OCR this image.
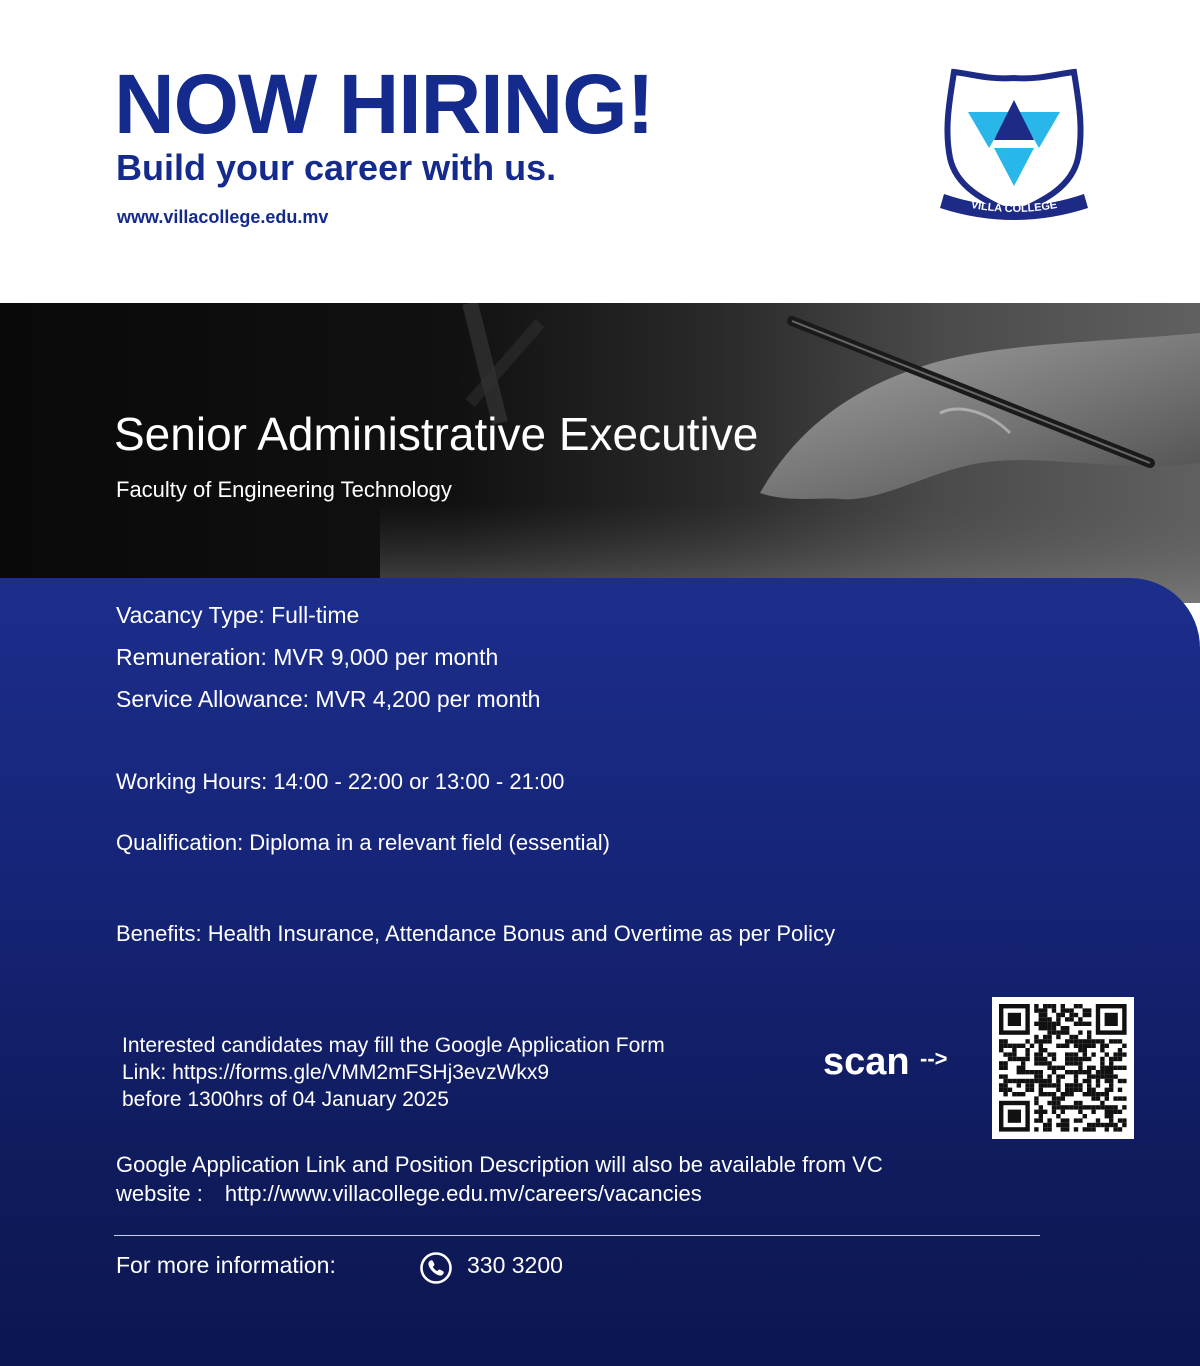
NOW HIRING!
Build your career with us.
www.villacollege.edu.mv
VILLA COLLEGE
Senior Administrative Executive
Faculty of Engineering Technology

Vacancy Type: Full-time

Remuneration: MVR 9,000 per month

Service Allowance: MVR 4,200 per month

Working Hours: 14:00 - 22:00 or 13:00 - 21:00

Qualification: Diploma in a relevant field (essential)

Benefits: Health Insurance, Attendance Bonus and Overtime as per Policy

Interested candidates may fill the Google Application Form
Link: https://forms.gle/VMM2mFSHj3evzWkx9
before 1300hrs of 04 January 2025
scan -->
Google Application Link and Position Description will also be available from VC
website : http://www.villacollege.edu.mv/careers/vacancies
For more information:	330 3200
